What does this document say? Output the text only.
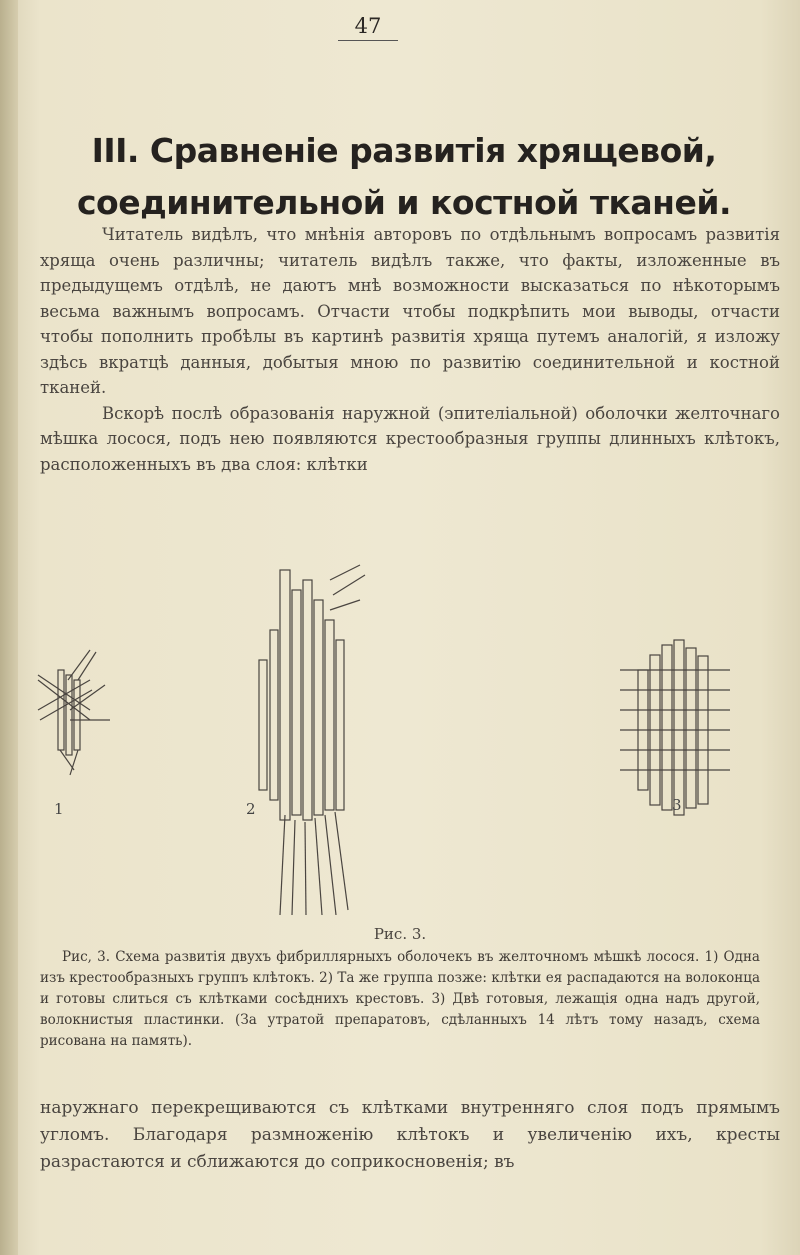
47
III. Сравненіе развитія хрящевой, соединительной и костной тканей.

Читатель видѣлъ, что мнѣнія авторовъ по отдѣльнымъ вопросамъ развитія хряща очень различны; читатель видѣлъ также, что факты, изложенные въ предыдущемъ отдѣлѣ, не даютъ мнѣ возможности высказаться по нѣкоторымъ весьма важнымъ вопросамъ. Отчасти чтобы подкрѣпить мои выводы, отчасти чтобы пополнить пробѣлы въ картинѣ развитія хряща путемъ аналогій, я изложу здѣсь вкратцѣ данныя, добытыя мною по развитію соединительной и костной тканей.

Вскорѣ послѣ образованія наружной (эпителіальной) оболочки желточнаго мѣшка лосося, подъ нею появляются крестообразныя группы длинныхъ клѣтокъ, расположенныхъ въ два слоя: клѣтки

1	2	3
Рис. 3.

Рис, 3. Схема развитія двухъ фибриллярныхъ оболочекъ въ желточномъ мѣшкѣ лосося. 1) Одна изъ крестообразныхъ группъ клѣтокъ. 2) Та же группа позже: клѣтки ея распадаются на волоконца и готовы слиться съ клѣтками сосѣднихъ крестовъ. 3) Двѣ готовыя, лежащія одна надъ другой, волокнистыя пластинки. (За утратой препаратовъ, сдѣланныхъ 14 лѣтъ тому назадъ, схема рисована на память).

наружнаго перекрещиваются съ клѣтками внутренняго слоя подъ прямымъ угломъ. Благодаря размноженію клѣтокъ и увеличенію ихъ, кресты разрастаются и сближаются до соприкосновенія; въ
